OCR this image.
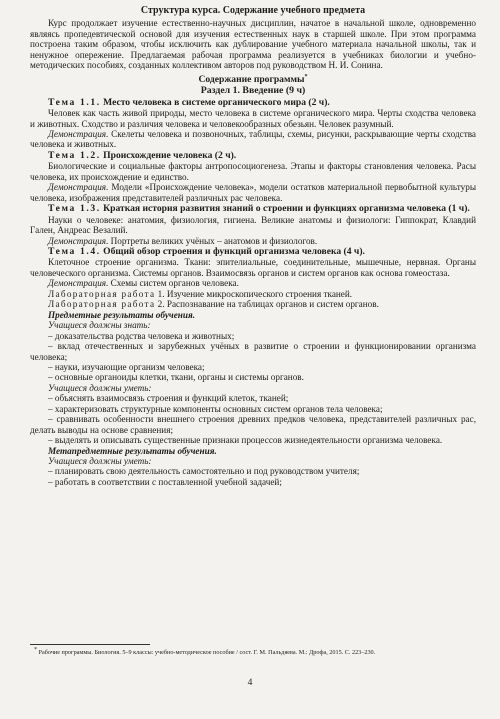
Структура курса. Содержание учебного предмета

Курс продолжает изучение естественно-научных дисциплин, начатое в начальной школе, одновременно являясь пропедевтической основой для изучения естественных наук в старшей школе. При этом программа построена таким образом, чтобы исключить как дублирование учебного материала начальной школы, так и ненужное опережение. Предлагаемая рабочая программа реализуется в учебниках биологии и учебно-методических пособиях, созданных коллективом авторов под руководством Н. И. Сонина.

Содержание программы*
Раздел 1. Введение (9 ч)

Тема 1.1. Место человека в системе органического мира (2 ч).

Человек как часть живой природы, место человека в системе органического мира. Черты сходства человека и животных. Сходство и различия человека и человекообразных обезьян. Человек разумный.

Демонстрация. Скелеты человека и позвоночных, таблицы, схемы, рисунки, раскрывающие черты сходства человека и животных.

Тема 1.2. Происхождение человека (2 ч).

Биологические и социальные факторы антропосоциогенеза. Этапы и факторы становления человека. Расы человека, их происхождение и единство.

Демонстрация. Модели «Происхождение человека», модели остатков материальной первобытной культуры человека, изображения представителей различных рас человека.

Тема 1.3. Краткая история развития знаний о строении и функциях организма человека (1 ч).

Науки о человеке: анатомия, физиология, гигиена. Великие анатомы и физиологи: Гиппократ, Клавдий Гален, Андреас Везалий.

Демонстрация. Портреты великих учёных – анатомов и физиологов.

Тема 1.4. Общий обзор строения и функций организма человека (4 ч).

Клеточное строение организма. Ткани: эпителиальные, соединительные, мышечные, нервная. Органы человеческого организма. Системы органов. Взаимосвязь органов и систем органов как основа гомеостаза.

Демонстрация. Схемы систем органов человека.

Лабораторная работа 1. Изучение микроскопического строения тканей.

Лабораторная работа 2. Распознавание на таблицах органов и систем органов.

Предметные результаты обучения.

Учащиеся должны знать:

– доказательства родства человека и животных;

– вклад отечественных и зарубежных учёных в развитие о строении и функционировании организма человека;

– науки, изучающие организм человека;

– основные органоиды клетки, ткани, органы и системы органов.

Учащиеся должны уметь:

– объяснять взаимосвязь строения и функций клеток, тканей;

– характеризовать структурные компоненты основных систем органов тела человека;

– сравнивать особенности внешнего строения древних предков человека, представителей различных рас, делать выводы на основе сравнения;

– выделять и описывать существенные признаки процессов жизнедеятельности организма человека.

Метапредметные результаты обучения.

Учащиеся должны уметь:

– планировать свою деятельность самостоятельно и под руководством учителя;

– работать в соответствии с поставленной учебной задачей;

* Рабочие программы. Биология. 5–9 классы: учебно-методическое пособие / сост. Г. М. Пальдяева. М.: Дрофа, 2015. С. 223–230.
4
